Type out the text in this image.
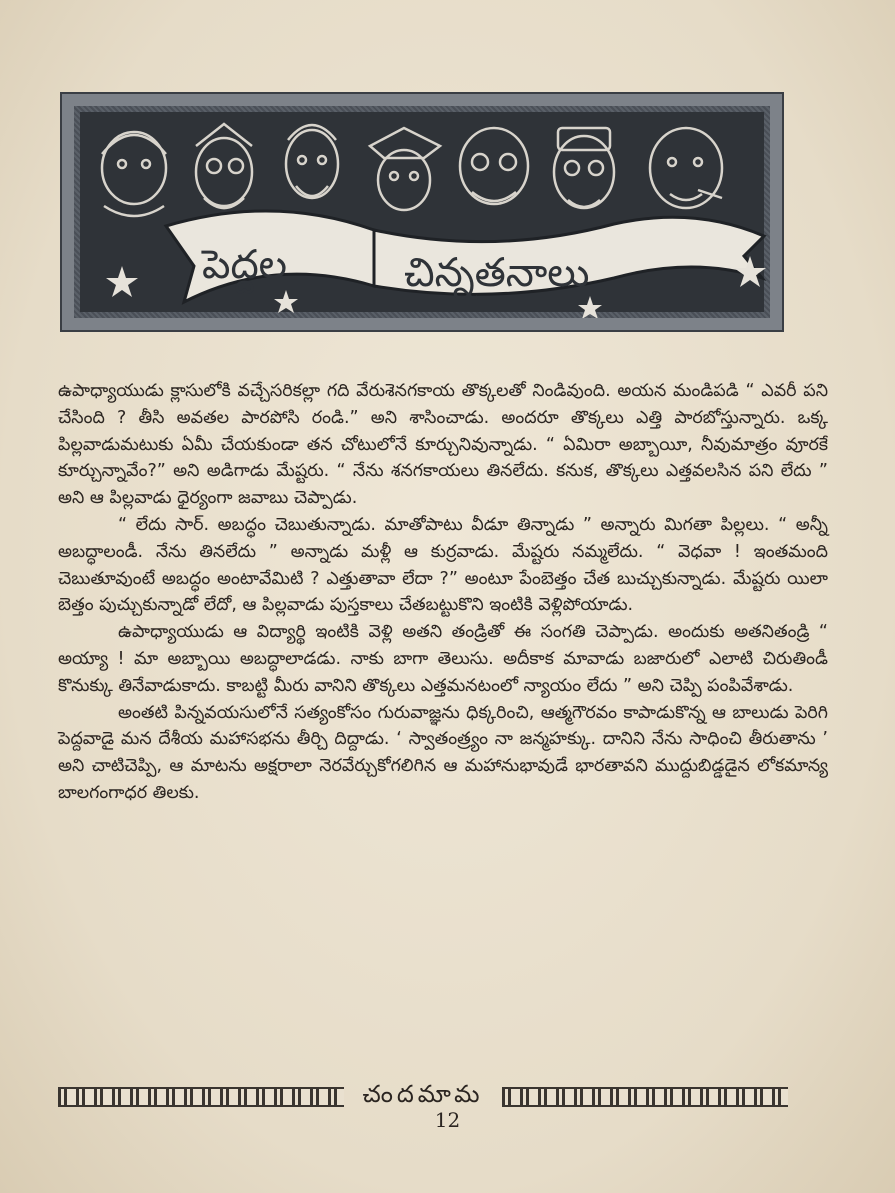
పెద్దల	చిన్నతనాలు

ఉపాధ్యాయుడు క్లాసులోకి వచ్చేసరికల్లా గది వేరుశెనగకాయ తొక్కలతో నిండివుంది. అయన మండిపడి “ ఎవరీ పని చేసింది ? తీసి అవతల పారపోసి రండి.” అని శాసించాడు. అందరూ తొక్కలు ఎత్తి పారబోస్తున్నారు. ఒక్క పిల్లవాడుమటుకు ఏమీ చేయకుండా తన చోటులోనే కూర్చునివున్నాడు. “ ఏమిరా అబ్బాయీ, నీవుమాత్రం వూరకే కూర్చున్నావేం?” అని అడిగాడు మేష్టరు. “ నేను శనగకాయలు తినలేదు. కనుక, తొక్కలు ఎత్తవలసిన పని లేదు ” అని ఆ పిల్లవాడు ధైర్యంగా జవాబు చెప్పాడు.

“ లేదు సార్. అబద్ధం చెబుతున్నాడు. మాతోపాటు వీడూ తిన్నాడు ” అన్నారు మిగతా పిల్లలు. “ అన్నీ అబద్ధాలండీ. నేను తినలేదు ” అన్నాడు మళ్లీ ఆ కుర్రవాడు. మేష్టరు నమ్మలేదు. “ వెధవా ! ఇంతమంది చెబుతూవుంటే అబద్ధం అంటావేమిటి ? ఎత్తుతావా లేదా ?” అంటూ పేంబెత్తం చేత బుచ్చుకున్నాడు. మేష్టరు యిలా బెత్తం పుచ్చుకున్నాడో లేదో, ఆ పిల్లవాడు పుస్తకాలు చేతబట్టుకొని ఇంటికి వెళ్లిపోయాడు.

ఉపాధ్యాయుడు ఆ విద్యార్థి ఇంటికి వెళ్లి అతని తండ్రితో ఈ సంగతి చెప్పాడు. అందుకు అతనితండ్రి “ అయ్యా ! మా అబ్బాయి అబద్ధాలాడడు. నాకు బాగా తెలుసు. అదీకాక మావాడు బజారులో ఎలాటి చిరుతిండీ కొనుక్కు తినేవాడుకాదు. కాబట్టి మీరు వానిని తొక్కలు ఎత్తమనటంలో న్యాయం లేదు ” అని చెప్పి పంపివేశాడు.

అంతటి పిన్నవయసులోనే సత్యంకోసం గురువాజ్ఞను ధిక్కరించి, ఆత్మగౌరవం కాపాడుకొన్న ఆ బాలుడు పెరిగి పెద్దవాడై మన దేశీయ మహాసభను తీర్చి దిద్దాడు. ‘ స్వాతంత్ర్యం నా జన్మహక్కు. దానిని నేను సాధించి తీరుతాను ’ అని చాటిచెప్పి, ఆ మాటను అక్షరాలా నెరవేర్చుకోగలిగిన ఆ మహానుభావుడే భారతావని ముద్దుబిడ్డడైన లోకమాన్య బాలగంగాధర తిలకు.

చందమామ
12
